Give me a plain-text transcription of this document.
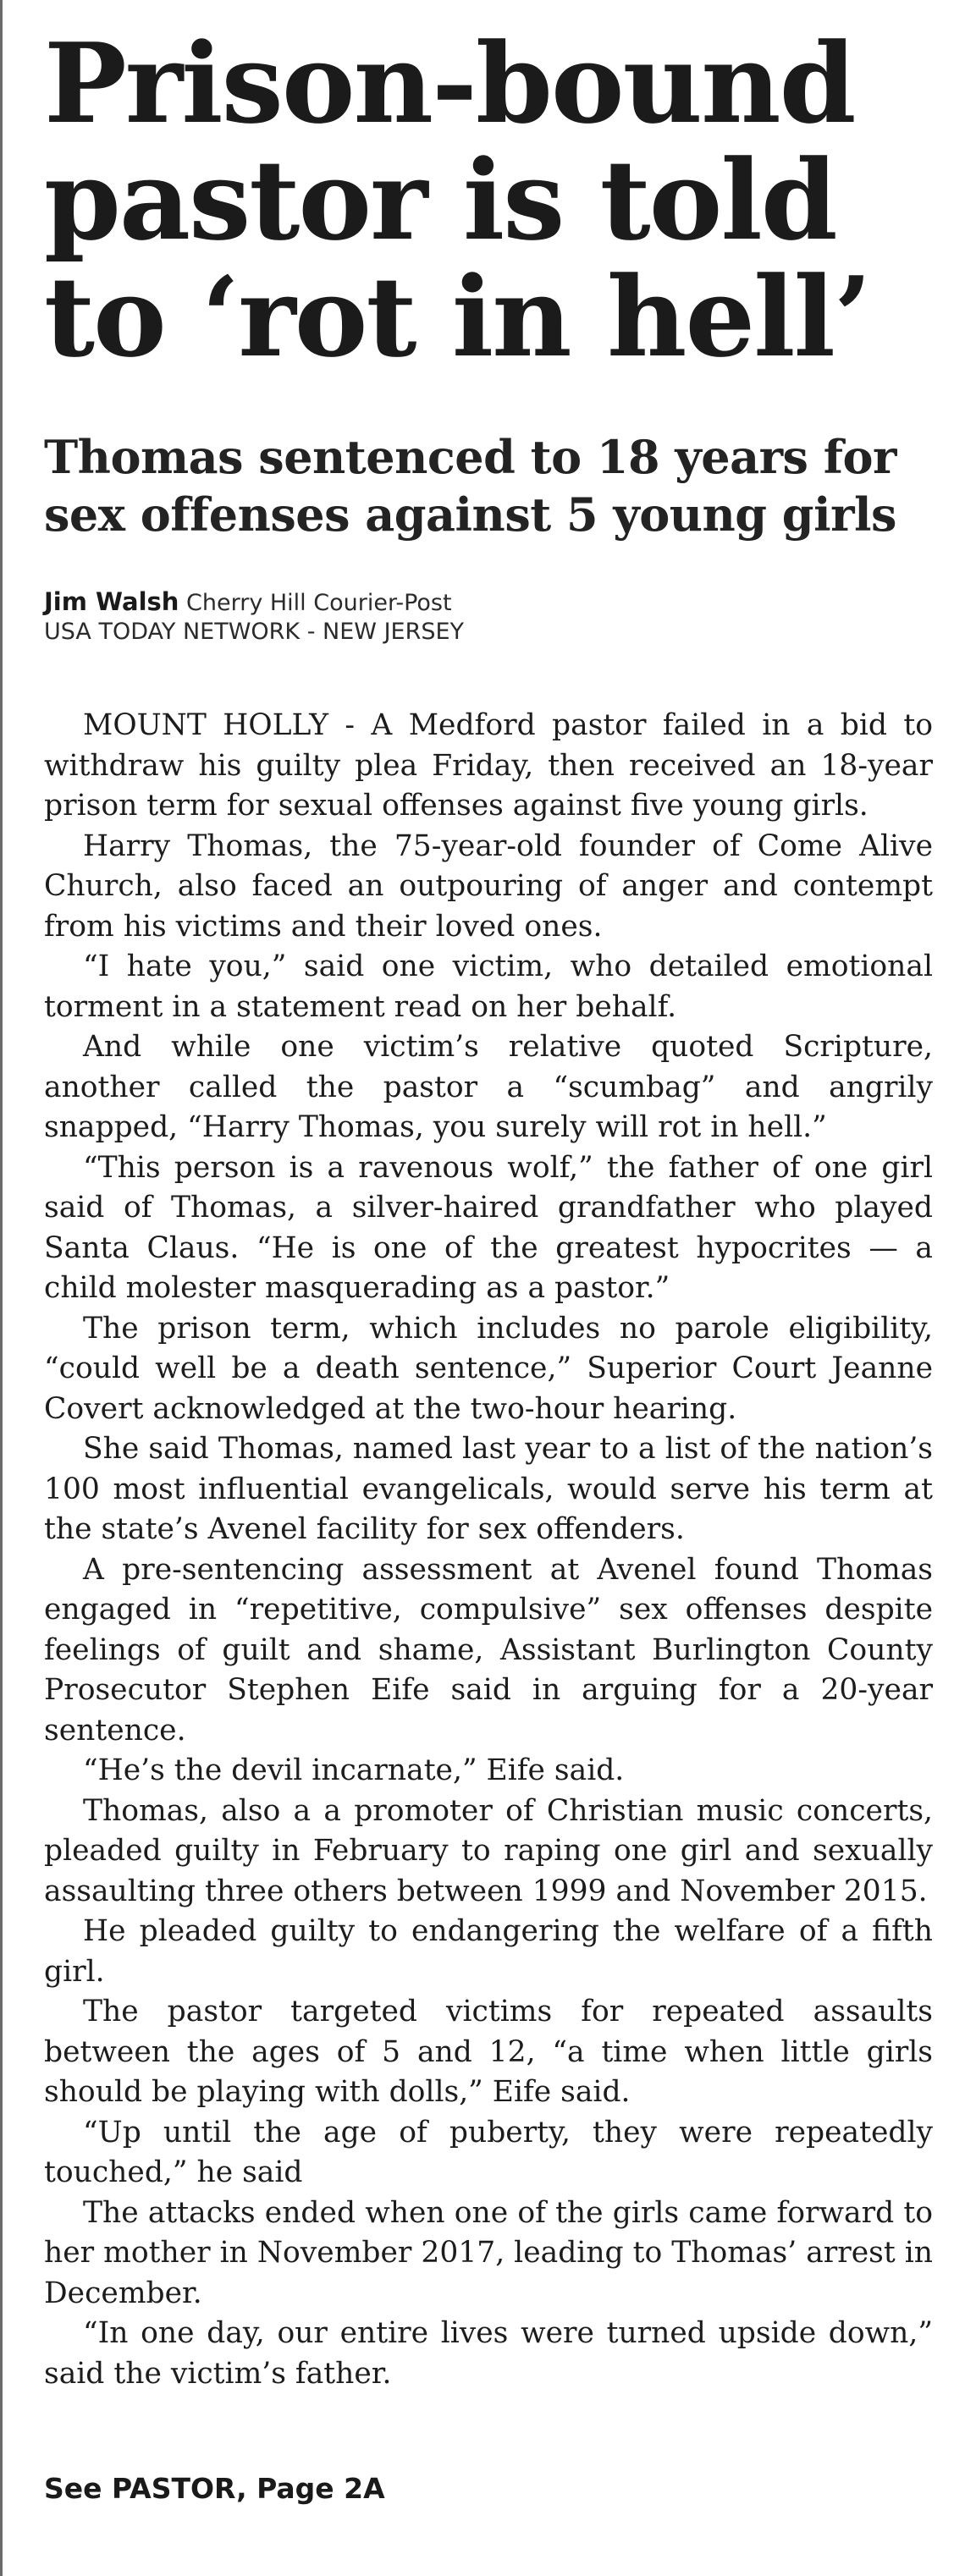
Prison-bound
pastor is told
to ‘rot in hell’
Thomas sentenced to 18 years for
sex offenses against 5 young girls
Jim Walsh Cherry Hill Courier-Post
USA TODAY NETWORK - NEW JERSEY

MOUNT HOLLY - A Medford pastor failed in a bid to withdraw his guilty plea Friday, then received an 18-year prison term for sexual offenses against five young girls.

Harry Thomas, the 75-year-old founder of Come Alive Church, also faced an outpouring of anger and contempt from his victims and their loved ones.

“I hate you,” said one victim, who detailed emotional torment in a statement read on her behalf.

And while one victim’s relative quoted Scripture, another called the pastor a “scumbag” and angrily snapped, “Harry Thomas, you surely will rot in hell.”

“This person is a ravenous wolf,” the father of one girl said of Thomas, a silver-haired grandfather who played Santa Claus. “He is one of the greatest hypocrites — a child molester masquerading as a pastor.”

The prison term, which includes no parole eligibility, “could well be a death sentence,” Superior Court Jeanne Covert acknowledged at the two-hour hearing.

She said Thomas, named last year to a list of the nation’s 100 most influential evangelicals, would serve his term at the state’s Avenel facility for sex offenders.

A pre-sentencing assessment at Avenel found Thomas engaged in “repetitive, compulsive” sex offenses despite feelings of guilt and shame, Assistant Burlington County Prosecutor Stephen Eife said in arguing for a 20-year sentence.

“He’s the devil incarnate,” Eife said.

Thomas, also a a promoter of Christian music concerts, pleaded guilty in February to raping one girl and sexually assaulting three others between 1999 and November 2015.

He pleaded guilty to endangering the welfare of a fifth girl.

The pastor targeted victims for repeated assaults between the ages of 5 and 12, “a time when little girls should be playing with dolls,” Eife said.

“Up until the age of puberty, they were repeatedly touched,” he said

The attacks ended when one of the girls came forward to her mother in November 2017, leading to Thomas’ arrest in December.

“In one day, our entire lives were turned upside down,” said the victim’s father.

See PASTOR, Page 2A
